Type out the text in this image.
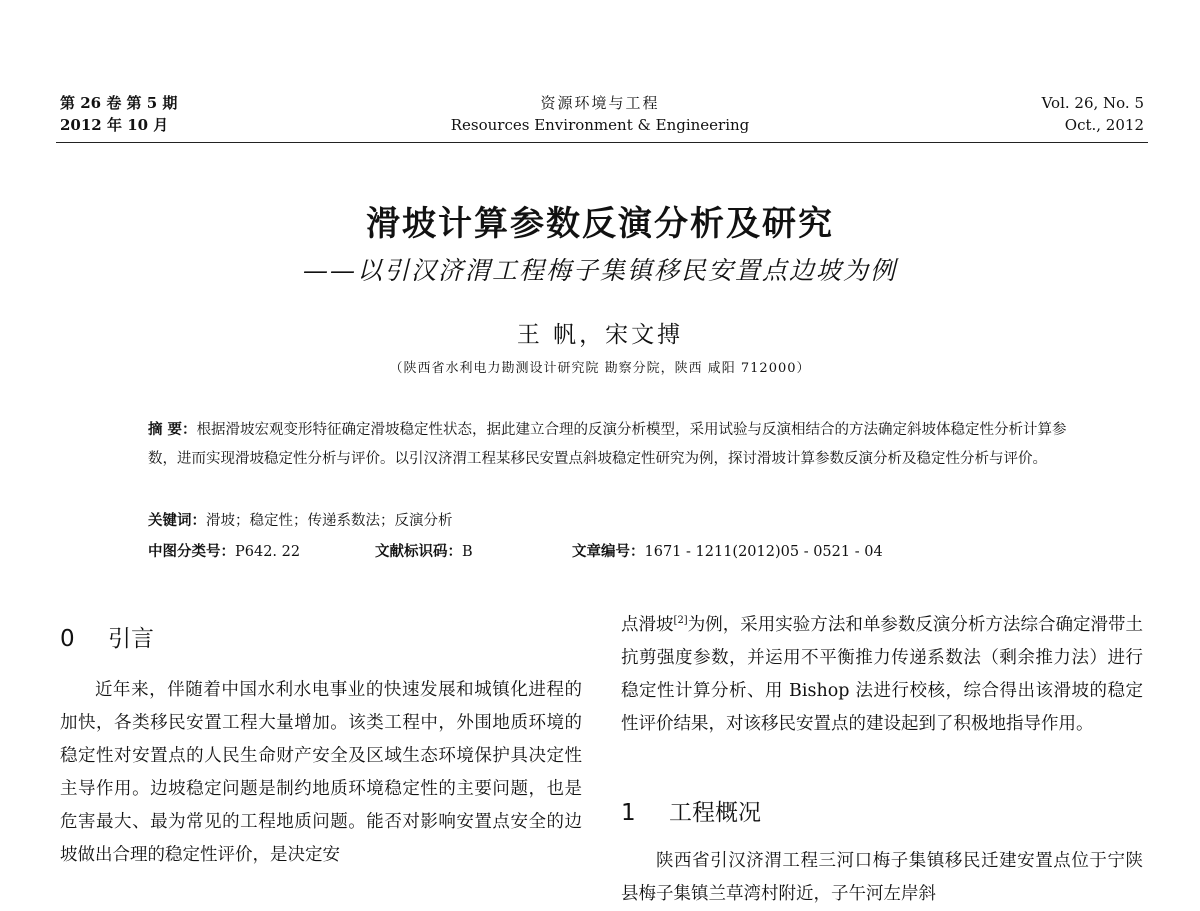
第 26 卷 第 5 期
2012 年 10 月
资源环境与工程
Resources Environment & Engineering
Vol. 26, No. 5
Oct., 2012
滑坡计算参数反演分析及研究
——以引汉济渭工程梅子集镇移民安置点边坡为例
王 帆，宋文搏
（陕西省水利电力勘测设计研究院 勘察分院，陕西 咸阳 712000）
摘 要：根据滑坡宏观变形特征确定滑坡稳定性状态，据此建立合理的反演分析模型，采用试验与反演相结合的方法确定斜坡体稳定性分析计算参数，进而实现滑坡稳定性分析与评价。以引汉济渭工程某移民安置点斜坡稳定性研究为例，探讨滑坡计算参数反演分析及稳定性分析与评价。
关键词：滑坡；稳定性；传递系数法；反演分析
中图分类号：P642. 22	文献标识码：B	文章编号：1671 - 1211(2012)05 - 0521 - 04
0 引言

近年来，伴随着中国水利水电事业的快速发展和城镇化进程的加快，各类移民安置工程大量增加。该类工程中，外围地质环境的稳定性对安置点的人民生命财产安全及区域生态环境保护具决定性主导作用。边坡稳定问题是制约地质环境稳定性的主要问题，也是危害最大、最为常见的工程地质问题。能否对影响安置点安全的边坡做出合理的稳定性评价，是决定安

点滑坡[2]为例，采用实验方法和单参数反演分析方法综合确定滑带土抗剪强度参数，并运用不平衡推力传递系数法（剩余推力法）进行稳定性计算分析、用 Bishop 法进行校核，综合得出该滑坡的稳定性评价结果，对该移民安置点的建设起到了积极地指导作用。

1 工程概况

陕西省引汉济渭工程三河口梅子集镇移民迁建安置点位于宁陕县梅子集镇兰草湾村附近，子午河左岸斜
